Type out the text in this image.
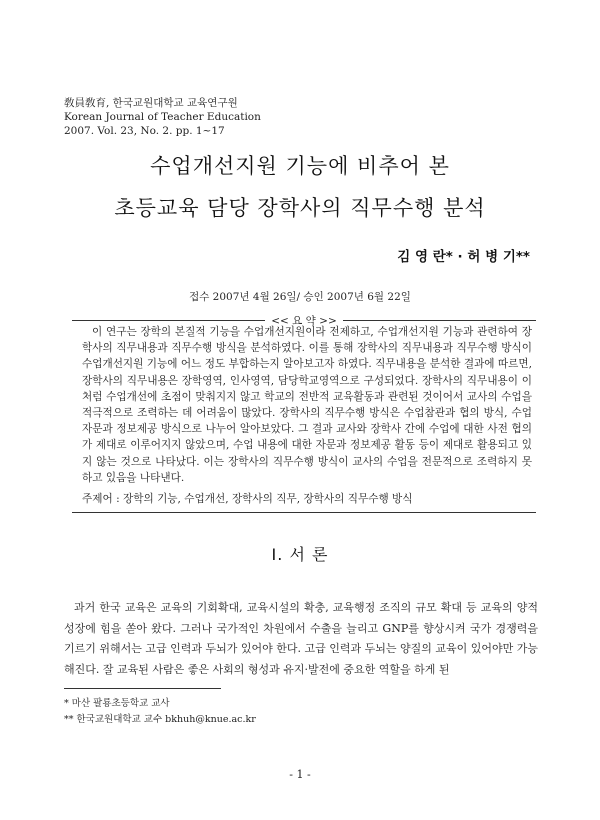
敎員敎育, 한국교원대학교 교육연구원
Korean Journal of Teacher Education
2007. Vol. 23, No. 2. pp. 1~17
수업개선지원 기능에 비추어 본
초등교육 담당 장학사의 직무수행 분석
김 영 란* · 허 병 기**
접수 2007년 4월 26일/ 승인 2007년 6월 22일
<< 요 약 >>

이 연구는 장학의 본질적 기능을 수업개선지원이라 전제하고, 수업개선지원 기능과 관련하여 장학사의 직무내용과 직무수행 방식을 분석하였다. 이를 통해 장학사의 직무내용과 직무수행 방식이 수업개선지원 기능에 어느 정도 부합하는지 알아보고자 하였다. 직무내용을 분석한 결과에 따르면, 장학사의 직무내용은 장학영역, 인사영역, 담당학교영역으로 구성되었다. 장학사의 직무내용이 이처럼 수업개선에 초점이 맞춰지지 않고 학교의 전반적 교육활동과 관련된 것이어서 교사의 수업을 적극적으로 조력하는 데 어려움이 많았다. 장학사의 직무수행 방식은 수업참관과 협의 방식, 수업자문과 정보제공 방식으로 나누어 알아보았다. 그 결과 교사와 장학사 간에 수업에 대한 사전 협의가 제대로 이루어지지 않았으며, 수업 내용에 대한 자문과 정보제공 활동 등이 제대로 활용되고 있지 않는 것으로 나타났다. 이는 장학사의 직무수행 방식이 교사의 수업을 전문적으로 조력하지 못하고 있음을 나타낸다.

주제어 : 장학의 기능, 수업개선, 장학사의 직무, 장학사의 직무수행 방식
Ⅰ. 서 론

과거 한국 교육은 교육의 기회확대, 교육시설의 확충, 교육행정 조직의 규모 확대 등 교육의 양적 성장에 힘을 쏟아 왔다. 그러나 국가적인 차원에서 수출을 늘리고 GNP를 향상시켜 국가 경쟁력을 기르기 위해서는 고급 인력과 두뇌가 있어야 한다. 고급 인력과 두뇌는 양질의 교육이 있어야만 가능해진다. 잘 교육된 사람은 좋은 사회의 형성과 유지·발전에 중요한 역할을 하게 된

* 마산 팔룡초등학교 교사
** 한국교원대학교 교수 bkhuh@knue.ac.kr
- 1 -
